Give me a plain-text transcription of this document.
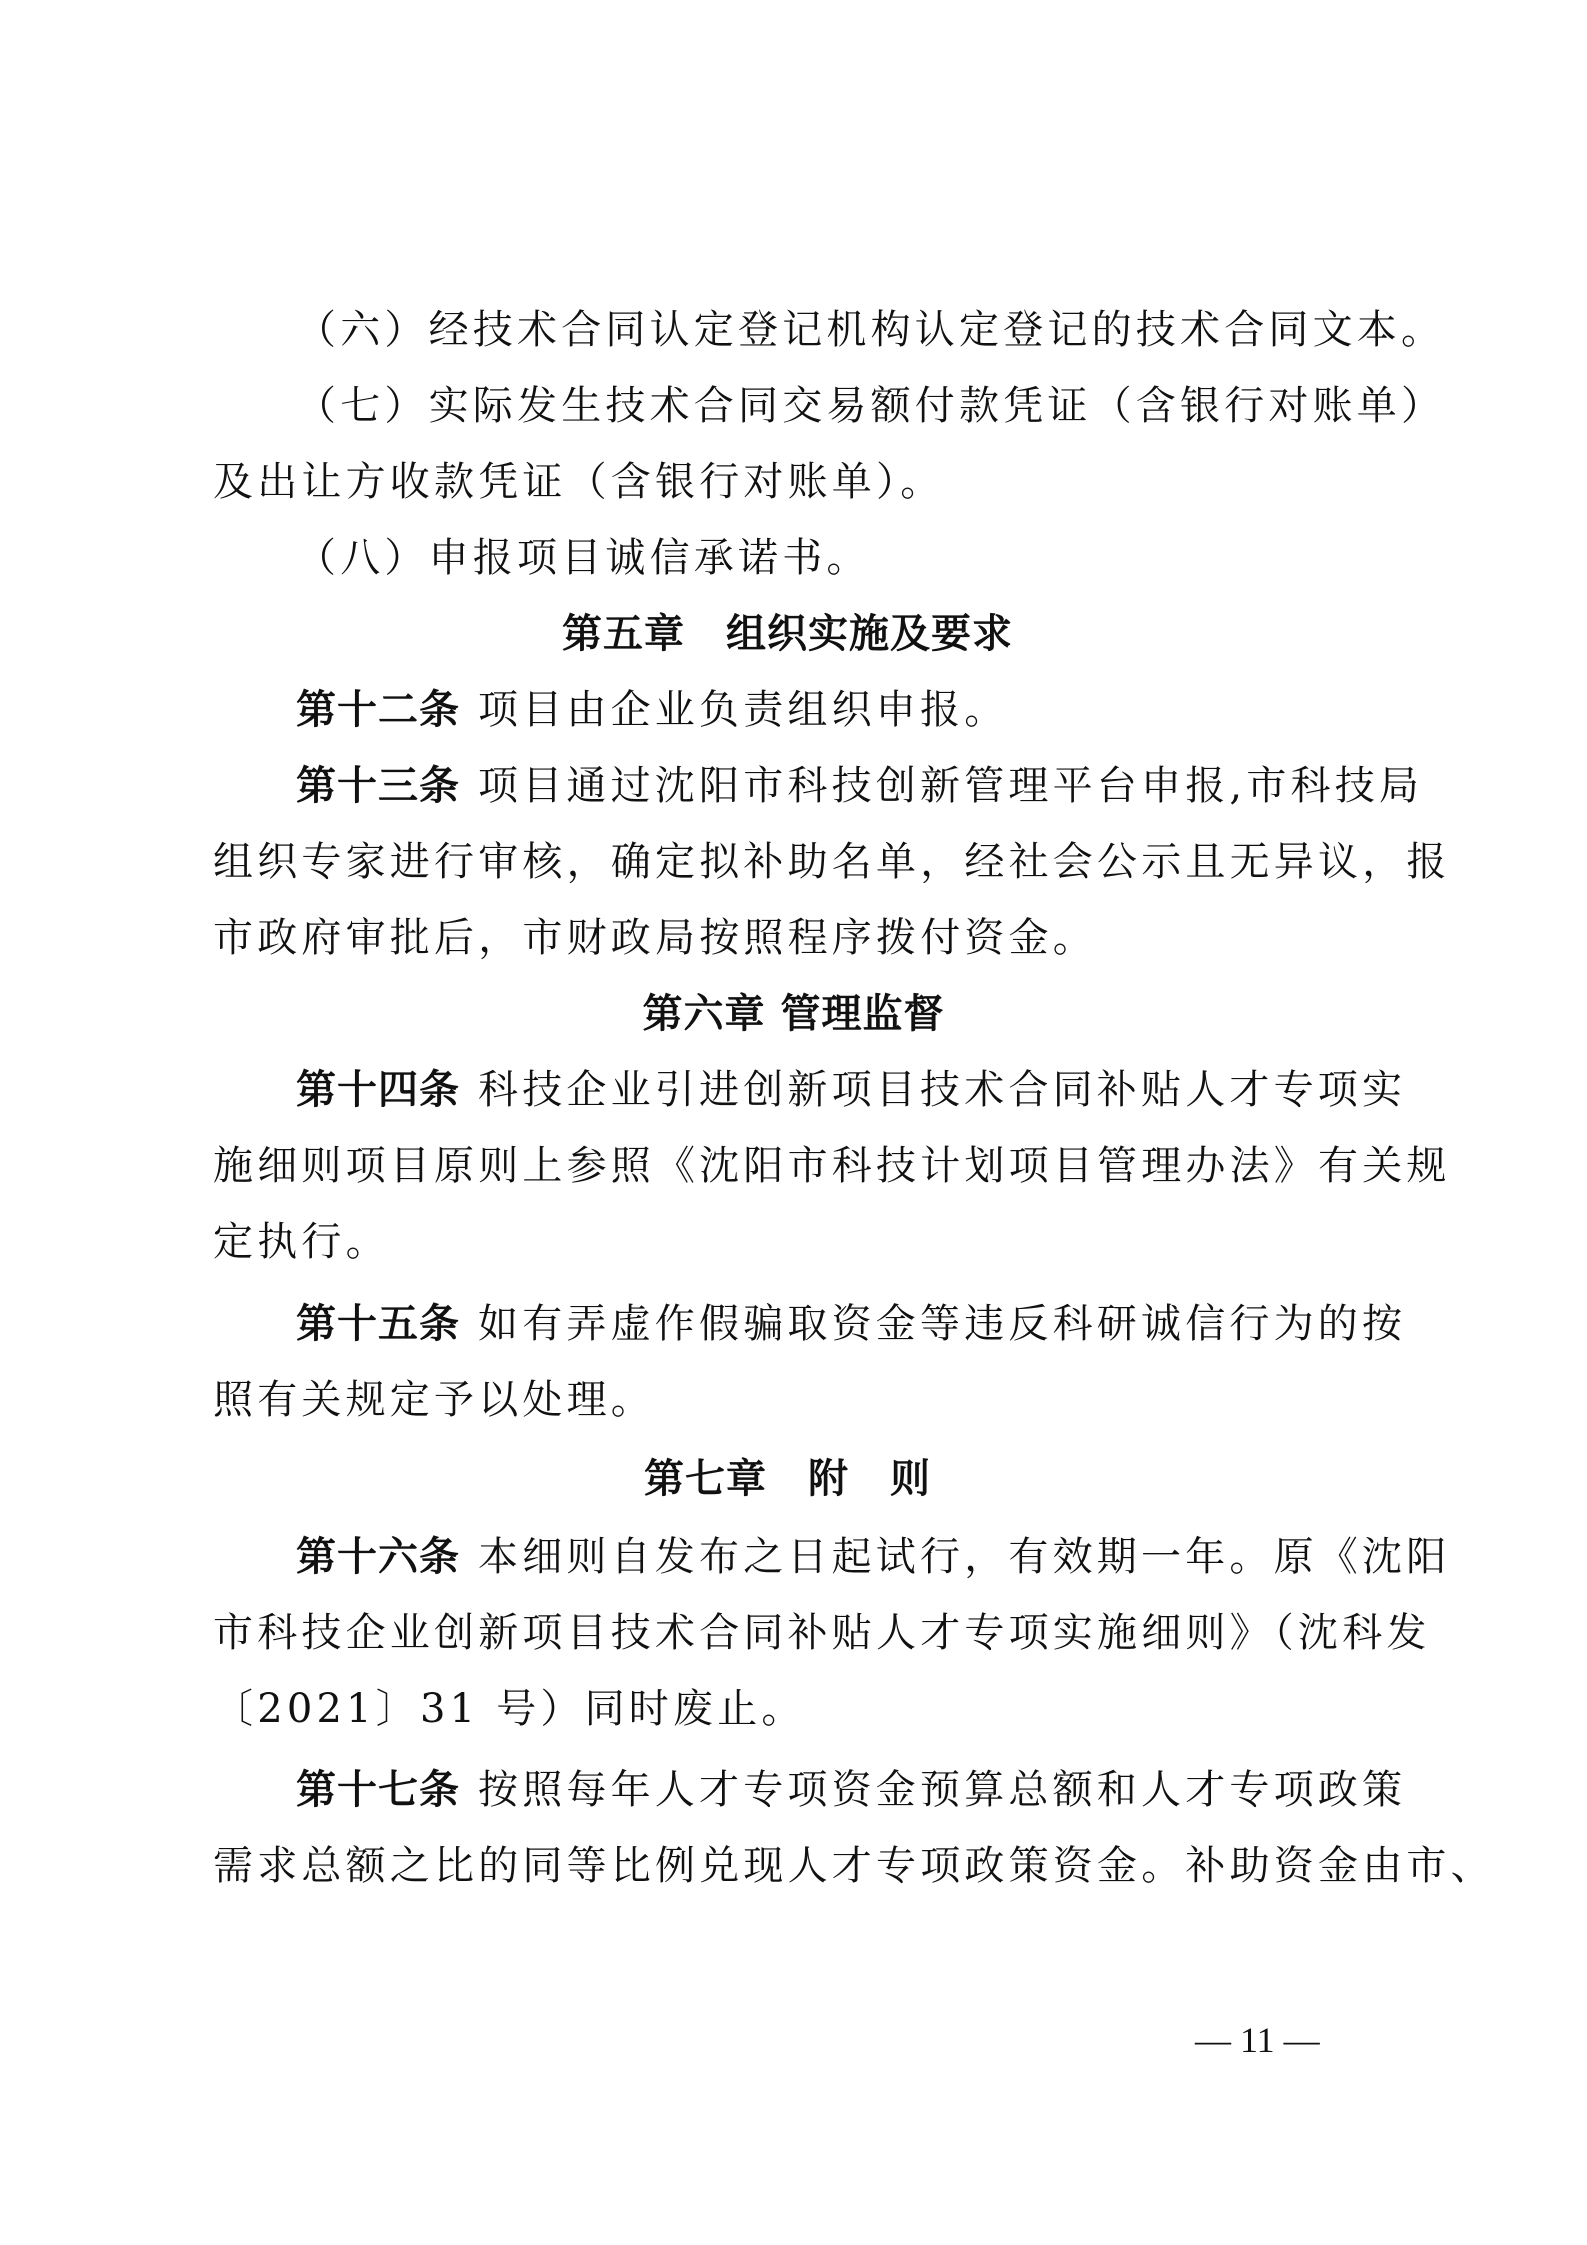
（六）经技术合同认定登记机构认定登记的技术合同文本。
（七）实际发生技术合同交易额付款凭证（含银行对账单）
及出让方收款凭证（含银行对账单）。
（八）申报项目诚信承诺书。
第五章　组织实施及要求
第十二条 项目由企业负责组织申报。
第十三条 项目通过沈阳市科技创新管理平台申报,市科技局
组织专家进行审核，确定拟补助名单，经社会公示且无异议，报
市政府审批后，市财政局按照程序拨付资金。
第六章 管理监督
第十四条 科技企业引进创新项目技术合同补贴人才专项实
施细则项目原则上参照《沈阳市科技计划项目管理办法》有关规
定执行。
第十五条 如有弄虚作假骗取资金等违反科研诚信行为的按
照有关规定予以处理。
第七章　附　则
第十六条 本细则自发布之日起试行，有效期一年。原《沈阳
市科技企业创新项目技术合同补贴人才专项实施细则》（沈科发
〔2021〕31 号）同时废止。
第十七条 按照每年人才专项资金预算总额和人才专项政策
需求总额之比的同等比例兑现人才专项政策资金。补助资金由市、
— 11 —
